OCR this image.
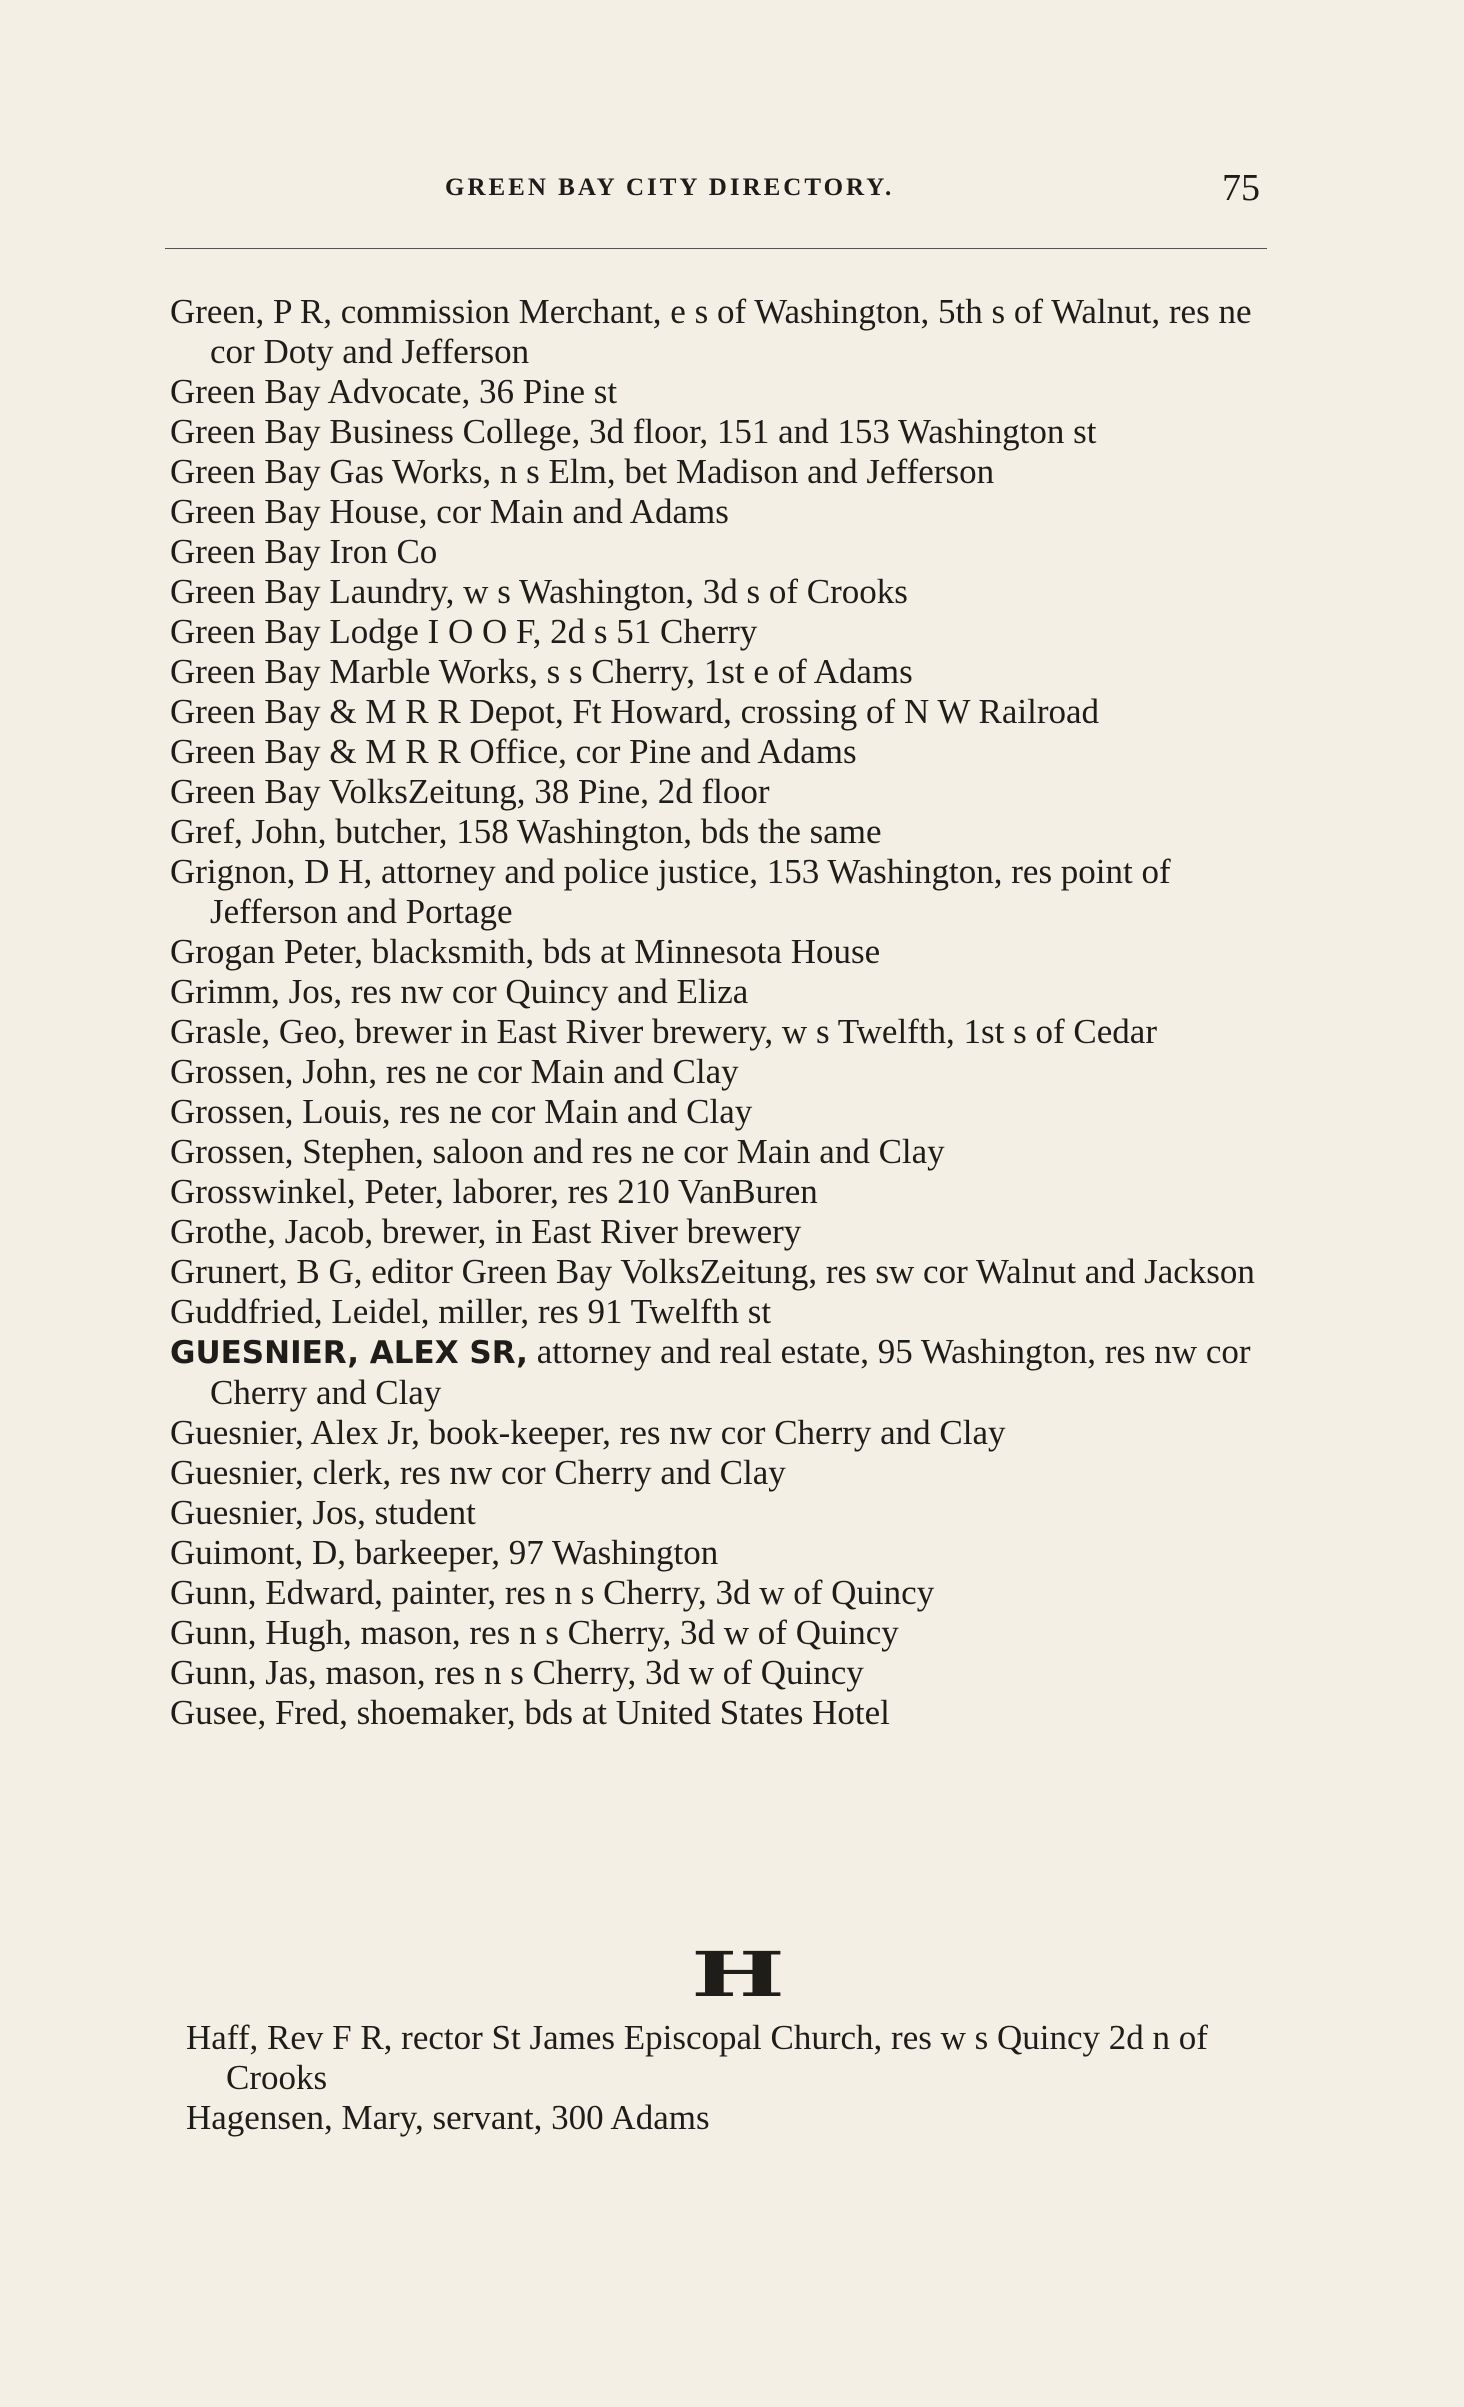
GREEN BAY CITY DIRECTORY.	75
Green, P R, commission Merchant, e s of Washington, 5th s of Walnut, res ne cor Doty and Jefferson
Green Bay Advocate, 36 Pine st
Green Bay Business College, 3d floor, 151 and 153 Washington st
Green Bay Gas Works, n s Elm, bet Madison and Jefferson
Green Bay House, cor Main and Adams
Green Bay Iron Co
Green Bay Laundry, w s Washington, 3d s of Crooks
Green Bay Lodge I O O F, 2d s 51 Cherry
Green Bay Marble Works, s s Cherry, 1st e of Adams
Green Bay & M R R Depot, Ft Howard, crossing of N W Railroad
Green Bay & M R R Office, cor Pine and Adams
Green Bay VolksZeitung, 38 Pine, 2d floor
Gref, John, butcher, 158 Washington, bds the same
Grignon, D H, attorney and police justice, 153 Washington, res point of Jefferson and Portage
Grogan Peter, blacksmith, bds at Minnesota House
Grimm, Jos, res nw cor Quincy and Eliza
Grasle, Geo, brewer in East River brewery, w s Twelfth, 1st s of Cedar
Grossen, John, res ne cor Main and Clay
Grossen, Louis, res ne cor Main and Clay
Grossen, Stephen, saloon and res ne cor Main and Clay
Grosswinkel, Peter, laborer, res 210 VanBuren
Grothe, Jacob, brewer, in East River brewery
Grunert, B G, editor Green Bay VolksZeitung, res sw cor Walnut and Jackson
Guddfried, Leidel, miller, res 91 Twelfth st
GUESNIER, ALEX SR, attorney and real estate, 95 Washington, res nw cor Cherry and Clay
Guesnier, Alex Jr, book-keeper, res nw cor Cherry and Clay
Guesnier, clerk, res nw cor Cherry and Clay
Guesnier, Jos, student
Guimont, D, barkeeper, 97 Washington
Gunn, Edward, painter, res n s Cherry, 3d w of Quincy
Gunn, Hugh, mason, res n s Cherry, 3d w of Quincy
Gunn, Jas, mason, res n s Cherry, 3d w of Quincy
Gusee, Fred, shoemaker, bds at United States Hotel
H
Haff, Rev F R, rector St James Episcopal Church, res w s Quincy 2d n of Crooks
Hagensen, Mary, servant, 300 Adams
